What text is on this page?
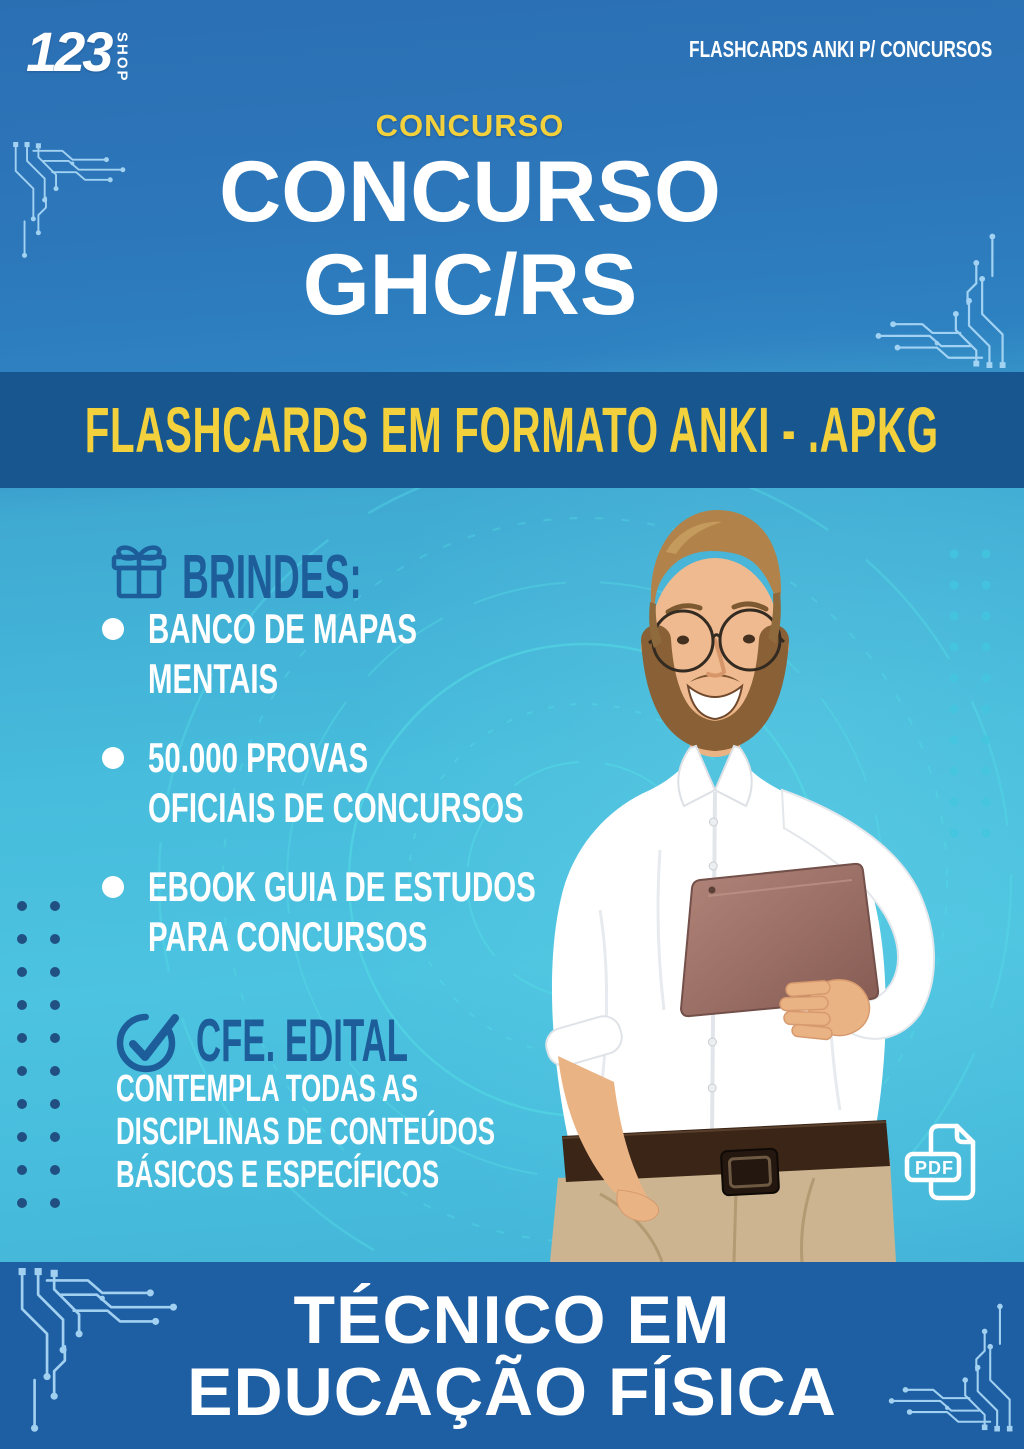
123 SHOP	FLASHCARDS ANKI P/ CONCURSOS
CONCURSO
CONCURSO
GHC/RS
FLASHCARDS EM FORMATO ANKI - .APKG
BRINDES:
BANCO DE MAPAS
MENTAIS
50.000 PROVAS
OFICIAIS DE CONCURSOS
EBOOK GUIA DE ESTUDOS
PARA CONCURSOS
CFE. EDITAL
CONTEMPLA TODAS AS
DISCIPLINAS DE CONTEÚDOS
BÁSICOS E ESPECÍFICOS	PDF
TÉCNICO EM
EDUCAÇÃO FÍSICA
